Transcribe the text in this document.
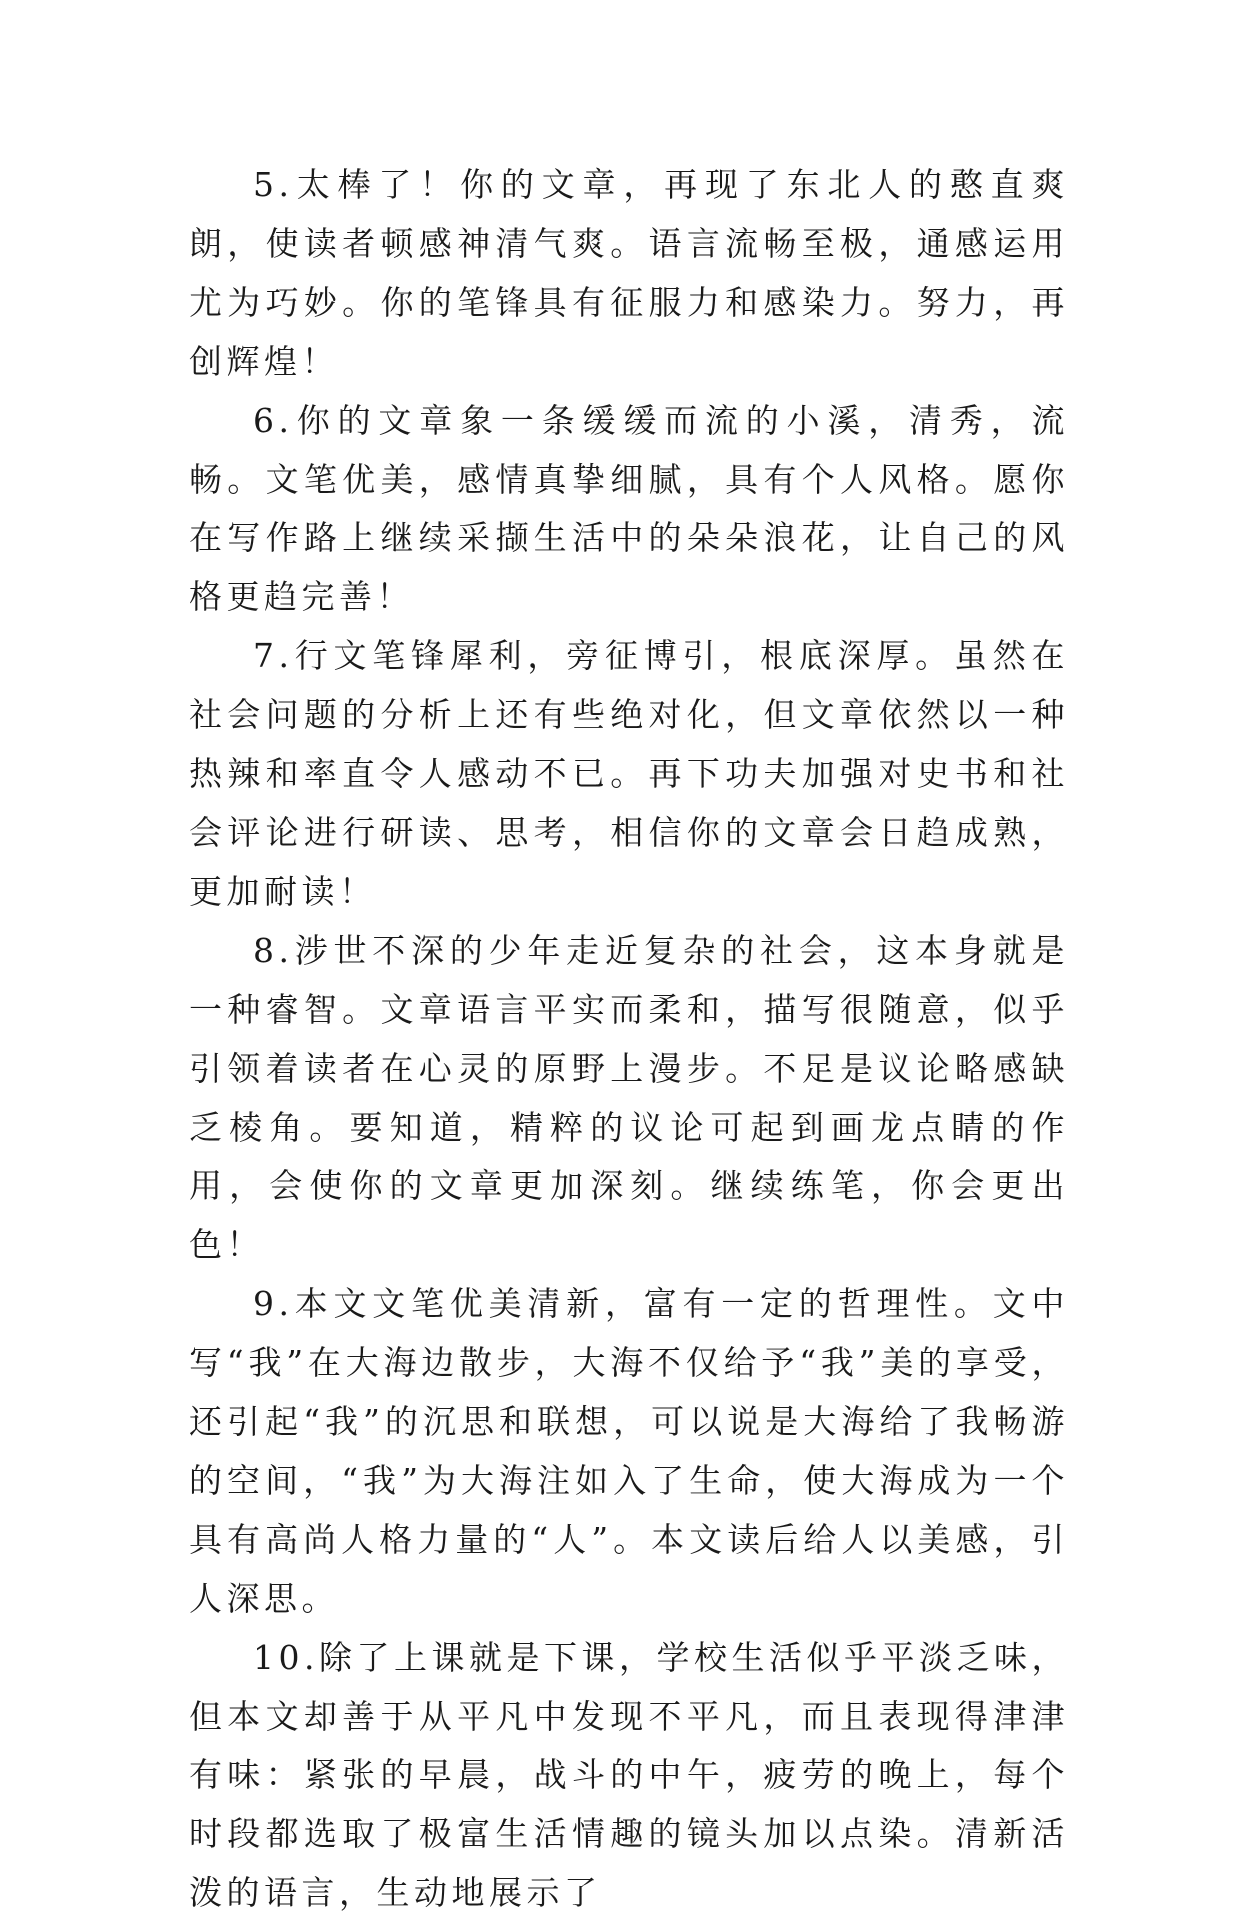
5.太棒了！你的文章，再现了东北人的憨直爽朗，使读者顿感神清气爽。语言流畅至极，通感运用尤为巧妙。你的笔锋具有征服力和感染力。努力，再创辉煌！

6.你的文章象一条缓缓而流的小溪，清秀，流畅。文笔优美，感情真挚细腻，具有个人风格。愿你在写作路上继续采撷生活中的朵朵浪花，让自己的风格更趋完善！

7.行文笔锋犀利，旁征博引，根底深厚。虽然在社会问题的分析上还有些绝对化，但文章依然以一种热辣和率直令人感动不已。再下功夫加强对史书和社会评论进行研读、思考，相信你的文章会日趋成熟，更加耐读！

8.涉世不深的少年走近复杂的社会，这本身就是一种睿智。文章语言平实而柔和，描写很随意，似乎引领着读者在心灵的原野上漫步。不足是议论略感缺乏棱角。要知道，精粹的议论可起到画龙点睛的作用，会使你的文章更加深刻。继续练笔，你会更出色！

9.本文文笔优美清新，富有一定的哲理性。文中写“我”在大海边散步，大海不仅给予“我”美的享受，还引起“我”的沉思和联想，可以说是大海给了我畅游的空间，“我”为大海注如入了生命，使大海成为一个具有高尚人格力量的“人”。本文读后给人以美感，引人深思。

10.除了上课就是下课，学校生活似乎平淡乏味，但本文却善于从平凡中发现不平凡，而且表现得津津有味：紧张的早晨，战斗的中午，疲劳的晚上，每个时段都选取了极富生活情趣的镜头加以点染。清新活泼的语言，生动地展示了
